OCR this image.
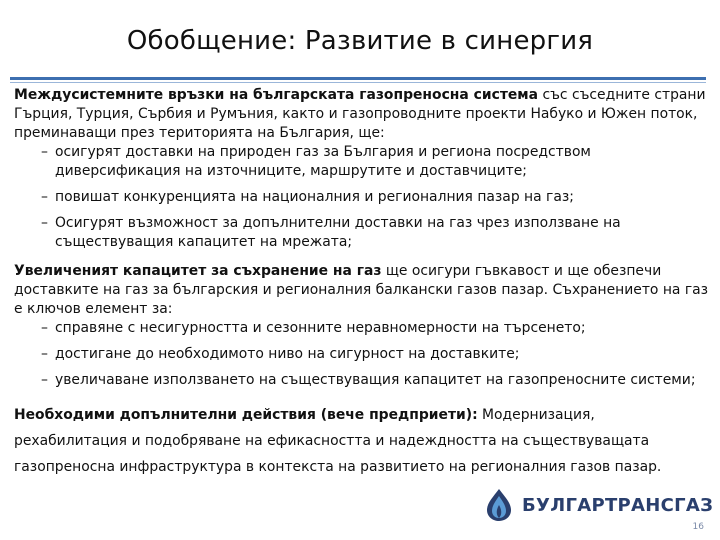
Обобщение: Развитие в синергия

Междусистемните връзки на българската газопреносна система със съседните страни Гърция, Турция, Сърбия и Румъния, както и газопроводните проекти Набуко и Южен поток, преминаващи през територията на България, ще:

– осигурят доставки на природен газ за България и региона посредством диверсификация на източниците, маршрутите и доставчиците;
– повишат конкуренцията на националния и регионалния пазар на газ;
– Осигурят възможност за допълнителни доставки на газ чрез използване на съществуващия капацитет на мрежата;

Увеличеният капацитет за съхранение на газ ще осигури гъвкавост и ще обезпечи доставките на газ за българския и регионалния балкански газов пазар. Съхранението на газ е ключов елемент за:

– справяне с несигурността и сезонните неравномерности на търсенето;
– достигане до необходимото ниво на сигурност на доставките;
– увеличаване използването на съществуващия капацитет на газопреносните системи;

Необходими допълнителни действия (вече предприети): Модернизация, рехабилитация и подобряване на ефикасността и надеждността на съществуващата газопреносна инфраструктура в контекста на развитието на регионалния газов пазар.

БУЛГАРТРАНСГАЗ
16
